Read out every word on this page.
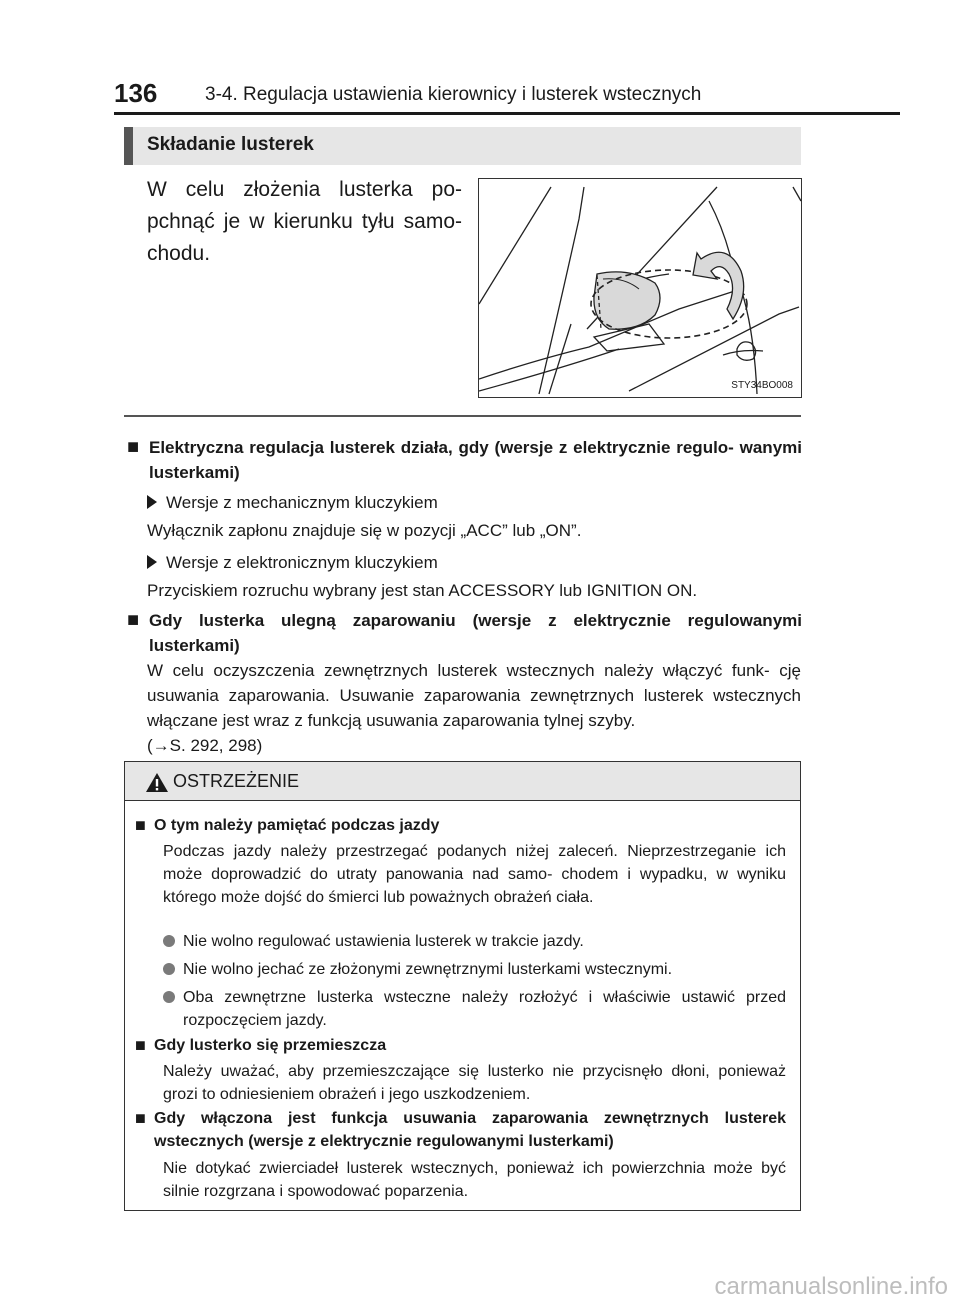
136	3-4. Regulacja ustawienia kierownicy i lusterek wstecznych
Składanie lusterek
W celu złożenia lusterka po- pchnąć je w kierunku tyłu samo- chodu.
STY34BO008
■ Elektryczna regulacja lusterek działa, gdy (wersje z elektrycznie regulo- wanymi lusterkami)
Wersje z mechanicznym kluczykiem
Wyłącznik zapłonu znajduje się w pozycji „ACC” lub „ON”.
Wersje z elektronicznym kluczykiem
Przyciskiem rozruchu wybrany jest stan ACCESSORY lub IGNITION ON.
■ Gdy lusterka ulegną zaparowaniu (wersje z elektrycznie regulowanymi lusterkami)
W celu oczyszczenia zewnętrznych lusterek wstecznych należy włączyć funk- cję usuwania zaparowania. Usuwanie zaparowania zewnętrznych lusterek wstecznych włączane jest wraz z funkcją usuwania zaparowania tylnej szyby.
(→S. 292, 298)
OSTRZEŻENIE
■ O tym należy pamiętać podczas jazdy
Podczas jazdy należy przestrzegać podanych niżej zaleceń. Nieprzestrzeganie ich może doprowadzić do utraty panowania nad samo- chodem i wypadku, w wyniku którego może dojść do śmierci lub poważnych obrażeń ciała.
Nie wolno regulować ustawienia lusterek w trakcie jazdy.
Nie wolno jechać ze złożonymi zewnętrznymi lusterkami wstecznymi.
Oba zewnętrzne lusterka wsteczne należy rozłożyć i właściwie ustawić przed rozpoczęciem jazdy.
■ Gdy lusterko się przemieszcza
Należy uważać, aby przemieszczające się lusterko nie przycisnęło dłoni, ponieważ grozi to odniesieniem obrażeń i jego uszkodzeniem.
■ Gdy włączona jest funkcja usuwania zaparowania zewnętrznych lusterek wstecznych (wersje z elektrycznie regulowanymi lusterkami)
Nie dotykać zwierciadeł lusterek wstecznych, ponieważ ich powierzchnia może być silnie rozgrzana i spowodować poparzenia.
carmanualsonline.info
